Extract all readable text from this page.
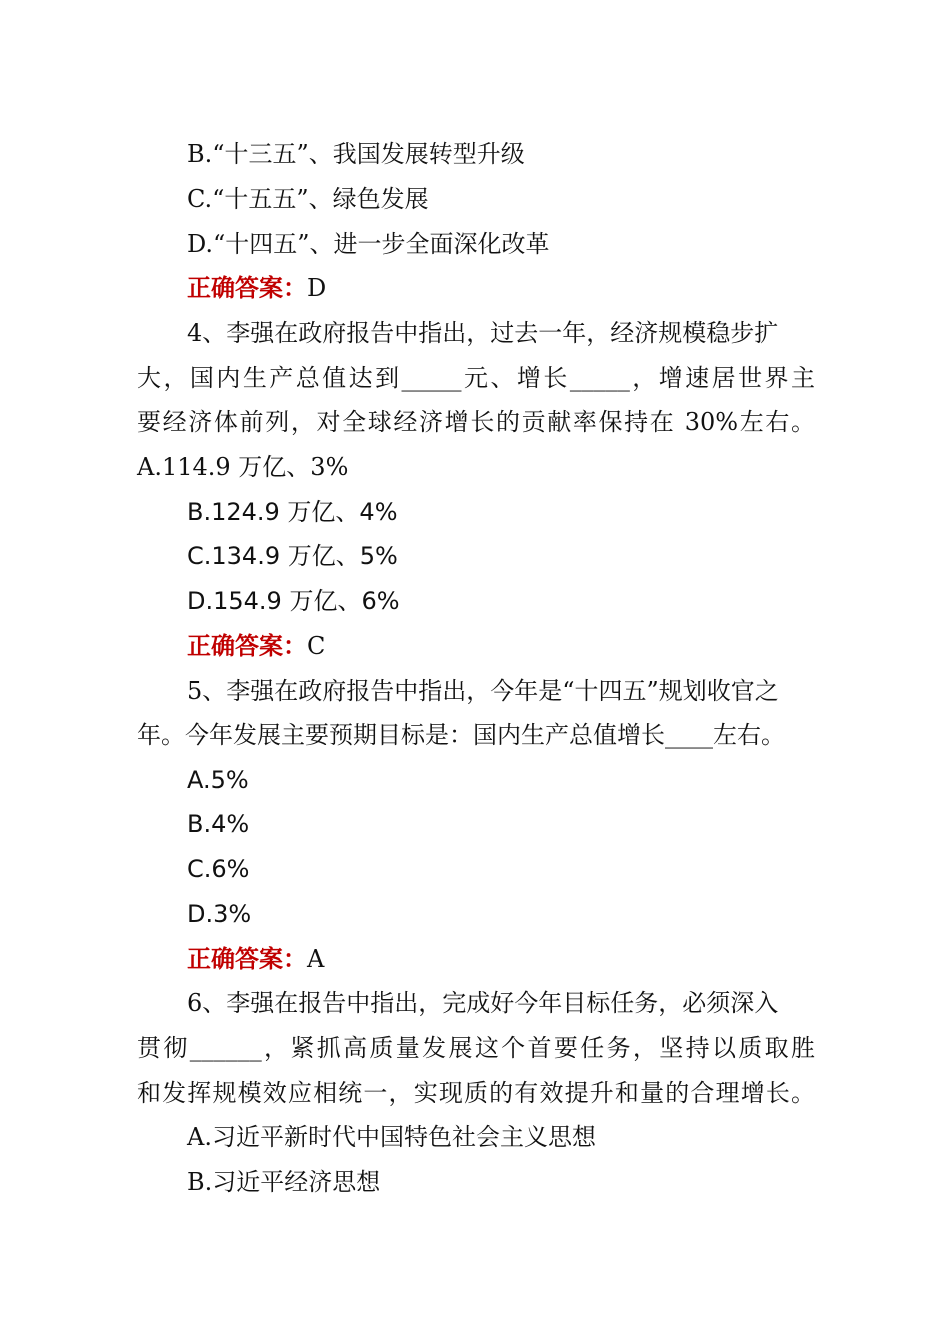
B.“十三五”、我国发展转型升级
C.“十五五”、绿色发展
D.“十四五”、进一步全面深化改革
正确答案：D
4、李强在政府报告中指出，过去一年，经济规模稳步扩
大，国内生产总值达到_____元、增长_____，增速居世界主
要经济体前列，对全球经济增长的贡献率保持在 30%左右。
A.114.9 万亿、3%
B.124.9 万亿、4%
C.134.9 万亿、5%
D.154.9 万亿、6%
正确答案：C
5、李强在政府报告中指出，今年是“十四五”规划收官之
年。今年发展主要预期目标是：国内生产总值增长____左右。
A.5%
B.4%
C.6%
D.3%
正确答案：A
6、李强在报告中指出，完成好今年目标任务，必须深入
贯彻______，紧抓高质量发展这个首要任务，坚持以质取胜
和发挥规模效应相统一，实现质的有效提升和量的合理增长。
A.习近平新时代中国特色社会主义思想
B.习近平经济思想
